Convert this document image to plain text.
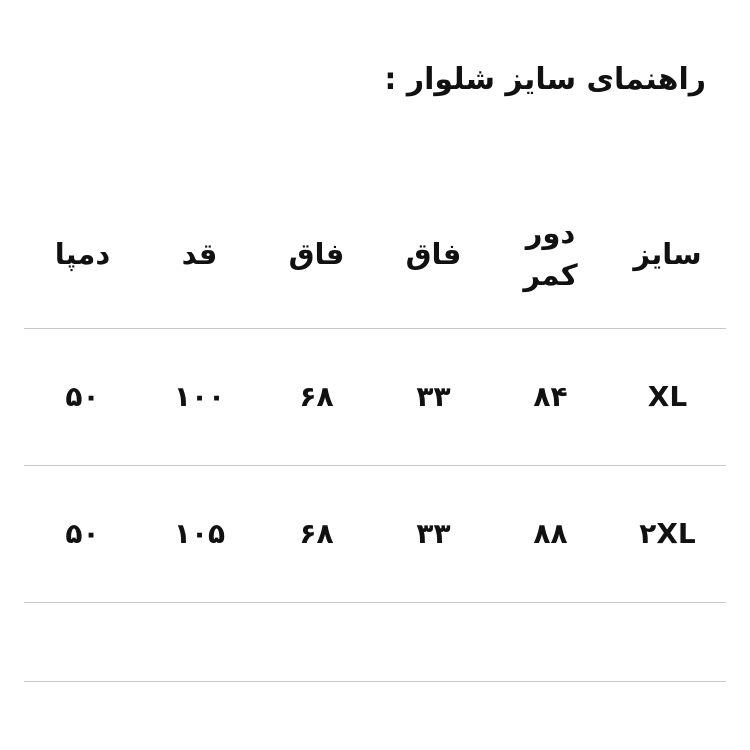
راهنمای سایز شلوار :
سایز
دور
کمر
فاق
فاق
قد
دمپا
XL
۸۴
۳۳
۶۸
۱۰۰
۵۰
۲XL
۸۸
۳۳
۶۸
۱۰۵
۵۰
